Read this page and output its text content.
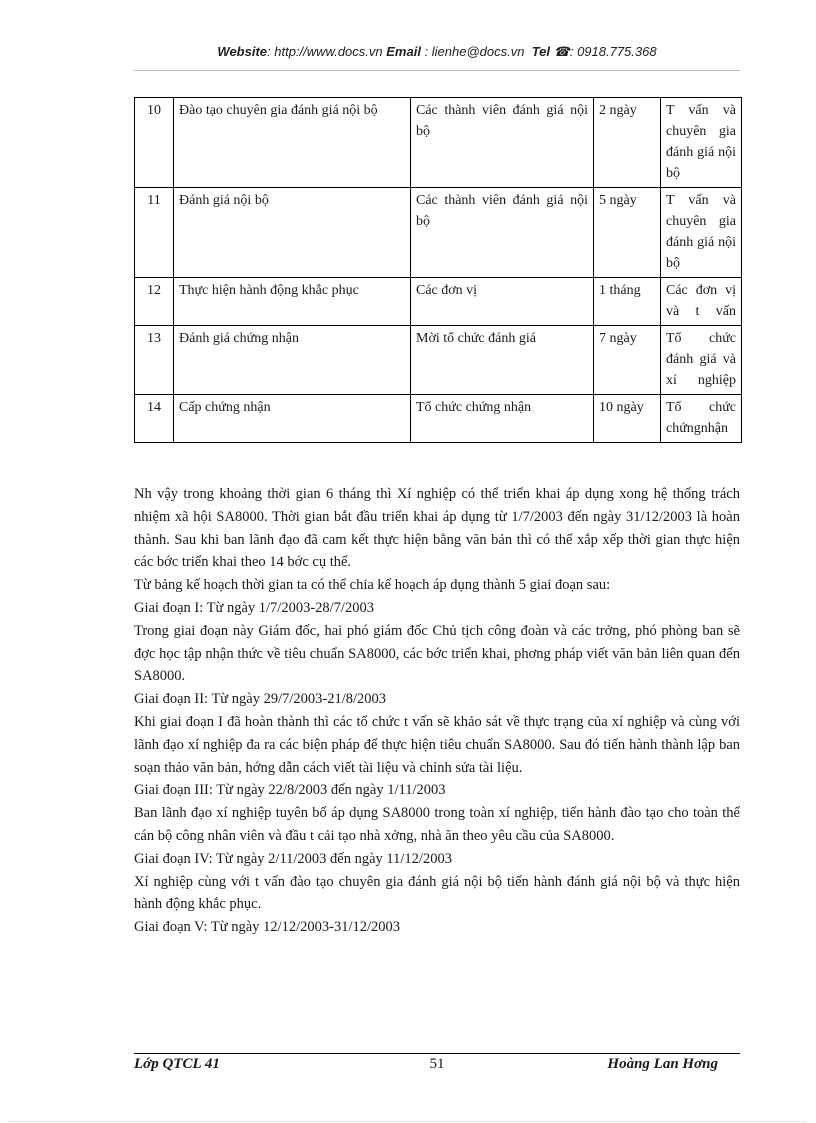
Website: http://www.docs.vn Email : lienhe@docs.vn Tel ☎: 0918.775.368
10	Đào tạo chuyên gia đánh giá nội bộ	Các thành viên đánh giá nội bộ	2 ngày	T vấn và chuyên gia đánh giá nội bộ
11	Đánh giá nội bộ	Các thành viên đánh giá nội bộ	5 ngày	T vấn và chuyên gia đánh giá nội bộ
12	Thực hiện hành động khắc phục	Các đơn vị	1 tháng	Các đơn vị và t vấn
13	Đánh giá chứng nhận	Mời tổ chức đánh giá	7 ngày	Tổ chức đánh giá và xí nghiệp
14	Cấp chứng nhận	Tổ chức chứng nhận	10 ngày	Tổ chức chứngnhận

Nh vậy trong khoảng thời gian 6 tháng thì Xí nghiệp có thể triển khai áp dụng xong hệ thống trách nhiệm xã hội SA8000. Thời gian bắt đầu triển khai áp dụng từ 1/7/2003 đến ngày 31/12/2003 là hoàn thành. Sau khi ban lãnh đạo đã cam kết thực hiện bằng văn bản thì có thể xắp xếp thời gian thực hiện các bớc triển khai theo 14 bớc cụ thể.

Từ bảng kế hoạch thời gian ta có thể chia kế hoạch áp dụng thành 5 giai đoạn sau:

Giai đoạn I: Từ ngày 1/7/2003-28/7/2003

Trong giai đoạn này Giám đốc, hai phó giám đốc Chủ tịch công đoàn và các trởng, phó phòng ban sẽ đợc học tập nhận thức về tiêu chuẩn SA8000, các bớc triển khai, phơng pháp viết văn bản liên quan đến SA8000.

Giai đoạn II: Từ ngày 29/7/2003-21/8/2003

Khi giai đoạn I đã hoàn thành thì các tổ chức t vấn sẽ khảo sát về thực trạng của xí nghiệp và cùng với lãnh đạo xí nghiệp đa ra các biện pháp để thực hiện tiêu chuẩn SA8000. Sau đó tiến hành thành lập ban soạn thảo văn bản, hớng dẫn cách viết tài liệu và chỉnh sửa tài liệu.

Giai đoạn III: Từ ngày 22/8/2003 đến ngày 1/11/2003

Ban lãnh đạo xí nghiệp tuyên bố áp dụng SA8000 trong toàn xí nghiệp, tiến hành đào tạo cho toàn thể cán bộ công nhân viên và đầu t cải tạo nhà xởng, nhà ăn theo yêu cầu của SA8000.

Giai đoạn IV: Từ ngày 2/11/2003 đến ngày 11/12/2003

Xí nghiệp cùng với t vấn đào tạo chuyên gia đánh giá nội bộ tiến hành đánh giá nội bộ và thực hiện hành động khắc phục.

Giai đoạn V: Từ ngày 12/12/2003-31/12/2003

Lớp QTCL 41	51	Hoàng Lan Hơng
